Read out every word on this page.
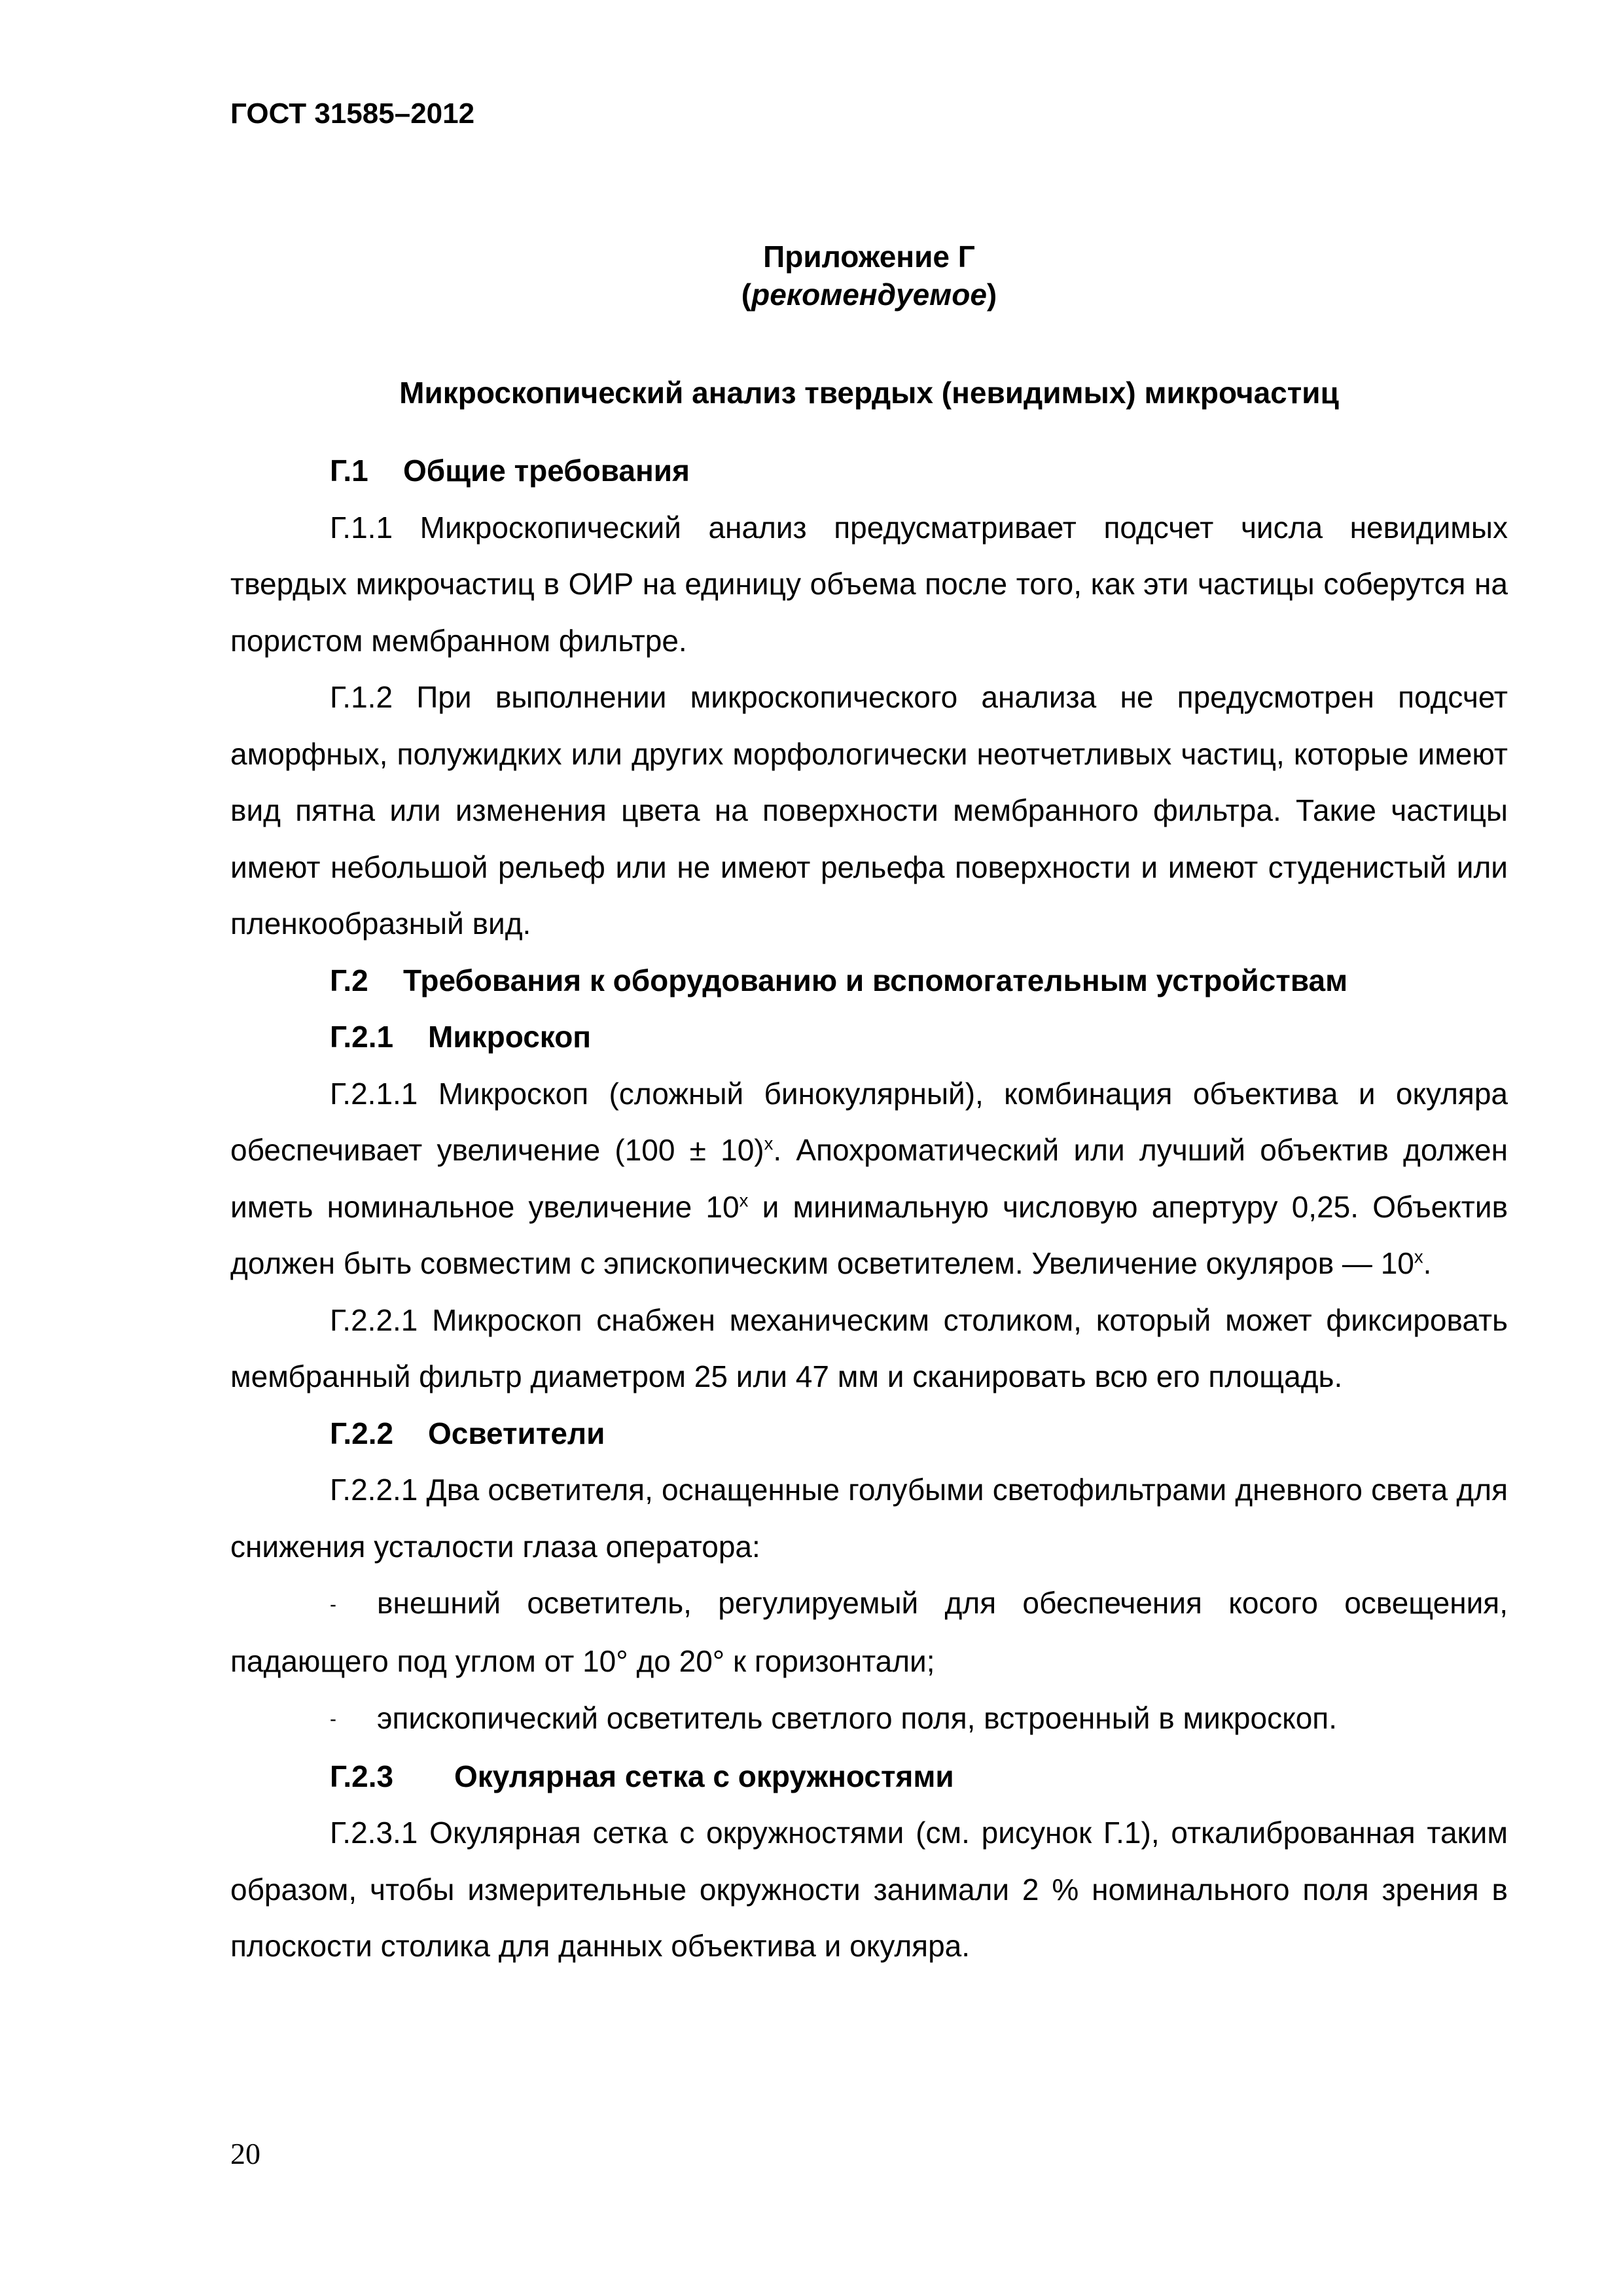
ГОСТ 31585–2012

Приложение Г

(рекомендуемое)

Микроскопический анализ твердых (невидимых) микрочастиц

Г.1 Общие требования

Г.1.1 Микроскопический анализ предусматривает подсчет числа невидимых твердых микрочастиц в ОИР на единицу объема после того, как эти частицы соберутся на пористом мембранном фильтре.

Г.1.2 При выполнении микроскопического анализа не предусмотрен подсчет аморфных, полужидких или других морфологически неотчетливых частиц, которые имеют вид пятна или изменения цвета на поверхности мембранного фильтра. Такие частицы имеют небольшой рельеф или не имеют рельефа поверхности и имеют студенистый или пленкообразный вид.

Г.2 Требования к оборудованию и вспомогательным устройствам
Г.2.1 Микроскоп

Г.2.1.1 Микроскоп (сложный бинокулярный), комбинация объектива и окуляра обеспечивает увеличение $(100 \pm 10)^х$. Апохроматический или лучший объектив должен иметь номинальное увеличение $10^х$ и минимальную числовую апертуру 0,25. Объектив должен быть совместим с эпископическим осветителем. Увеличение окуляров — $10^х$.

Г.2.2.1 Микроскоп снабжен механическим столиком, который может фиксировать мембранный фильтр диаметром 25 или 47 мм и сканировать всю его площадь.

Г.2.2 Осветители

Г.2.2.1 Два осветителя, оснащенные голубыми светофильтрами дневного света для снижения усталости глаза оператора:

- внешний осветитель, регулируемый для обеспечения косого освещения, падающего под углом от 10° до 20° к горизонтали;

- эпископический осветитель светлого поля, встроенный в микроскоп.

Г.2.3 Окулярная сетка с окружностями

Г.2.3.1 Окулярная сетка с окружностями (см. рисунок Г.1), откалиброванная таким образом, чтобы измерительные окружности занимали 2 % номинального поля зрения в плоскости столика для данных объектива и окуляра.

20
